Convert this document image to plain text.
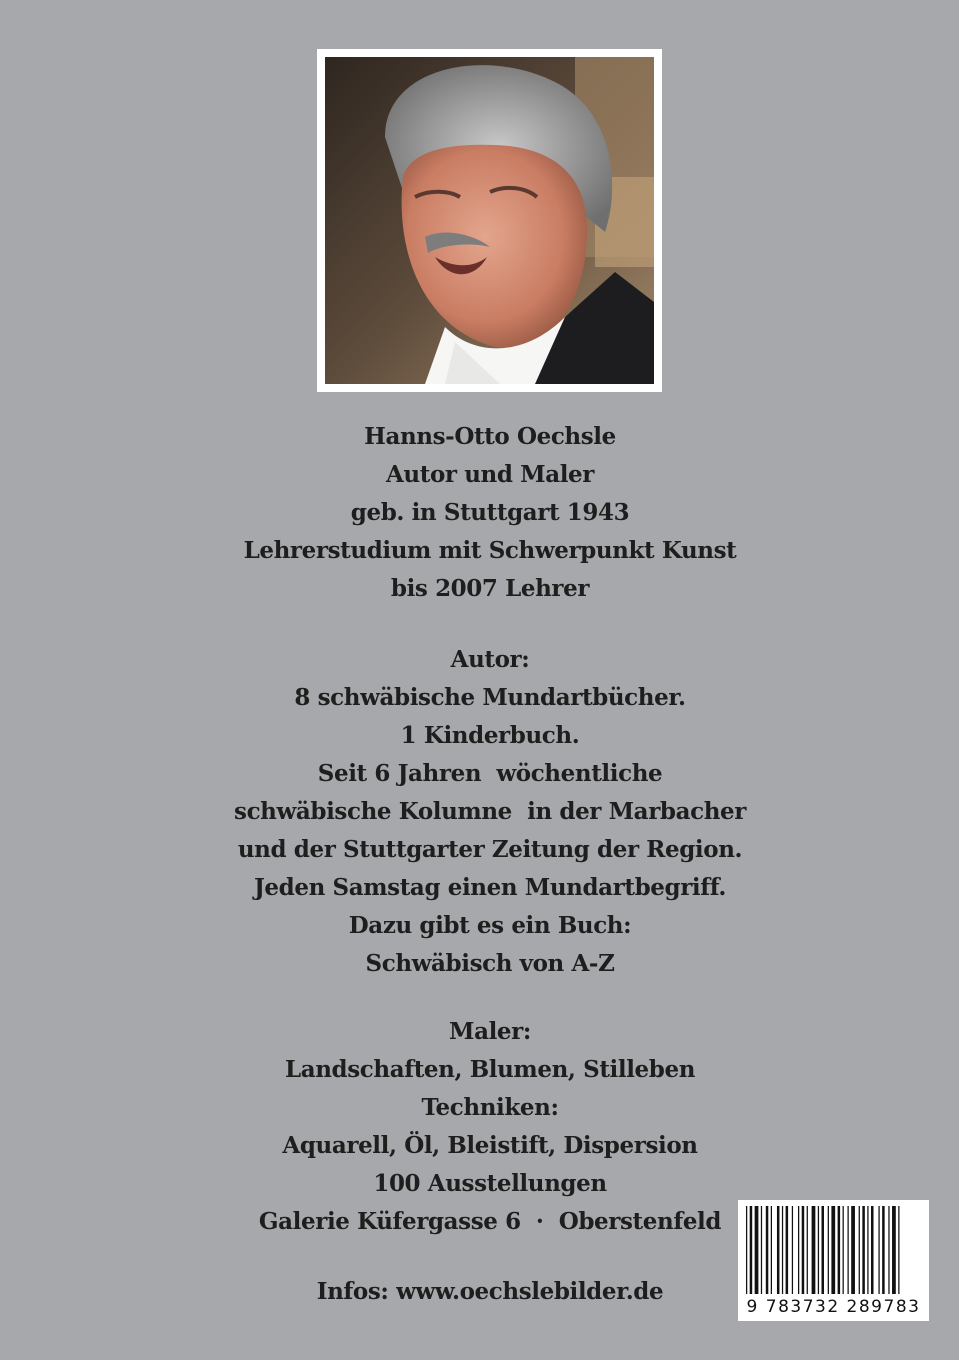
Hanns-Otto Oechsle
Autor und Maler
geb. in Stuttgart 1943
Lehrerstudium mit Schwerpunkt Kunst
bis 2007 Lehrer
Autor:
8 schwäbische Mundartbücher.
1 Kinderbuch.
Seit 6 Jahren  wöchentliche
schwäbische Kolumne  in der Marbacher
und der Stuttgarter Zeitung der Region.
Jeden Samstag einen Mundartbegriff.
Dazu gibt es ein Buch:
Schwäbisch von A-Z
Maler:
Landschaften, Blumen, Stilleben
Techniken:
Aquarell, Öl, Bleistift, Dispersion
100 Ausstellungen
Galerie Küfergasse 6  ·  Oberstenfeld
Infos: www.oechslebilder.de
9 783732 289783
